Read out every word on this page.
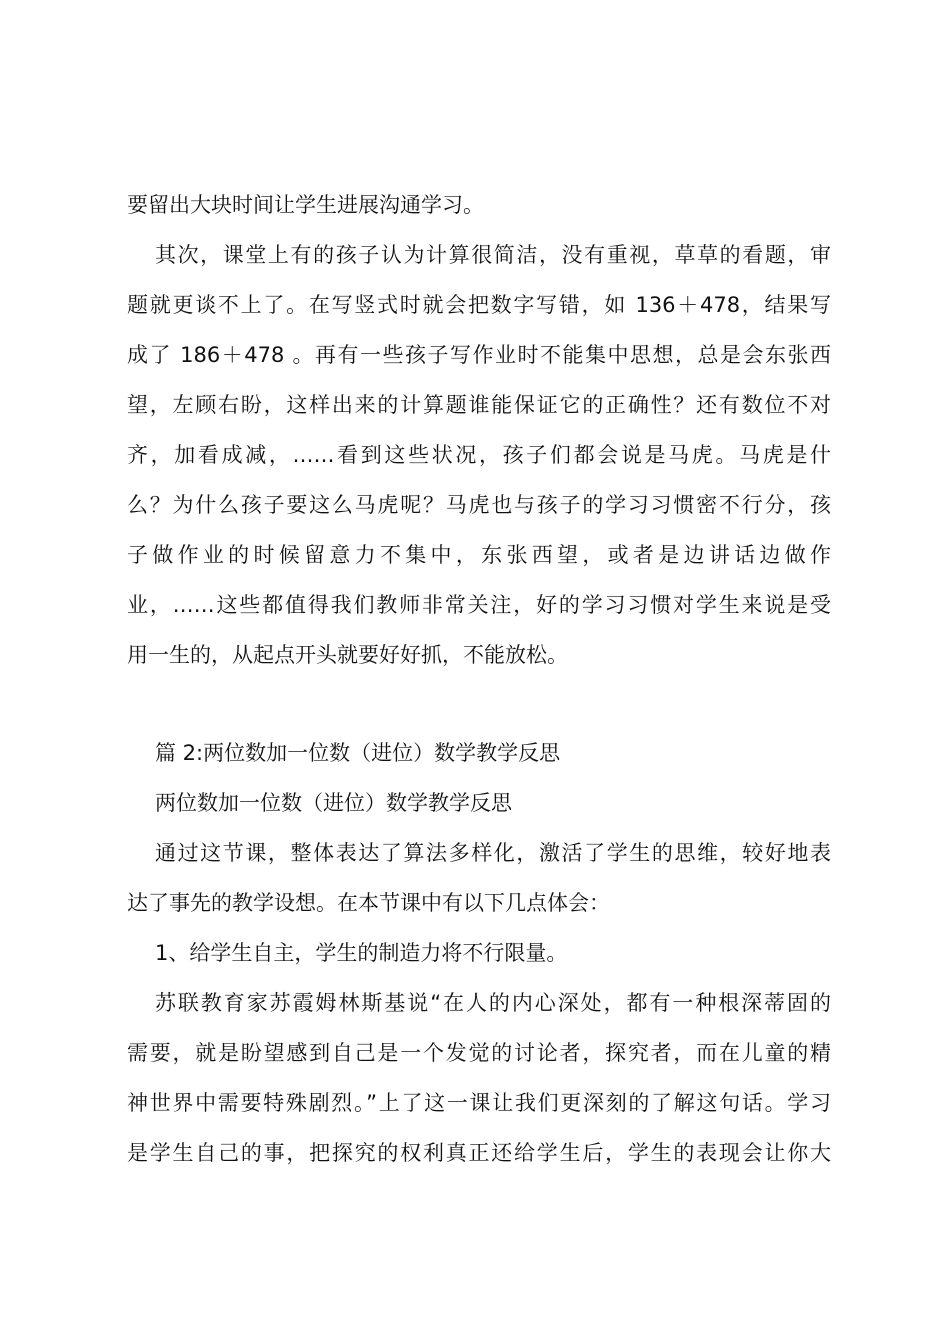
要留出大块时间让学生进展沟通学习。
其次，课堂上有的孩子认为计算很简洁，没有重视，草草的看题，审
题就更谈不上了。在写竖式时就会把数字写错，如 136＋478，结果写
成了 186＋478 。再有一些孩子写作业时不能集中思想，总是会东张西
望，左顾右盼，这样出来的计算题谁能保证它的正确性？还有数位不对
齐，加看成减，……看到这些状况，孩子们都会说是马虎。马虎是什
么？为什么孩子要这么马虎呢？马虎也与孩子的学习习惯密不行分，孩
子做作业的时候留意力不集中，东张西望，或者是边讲话边做作
业，……这些都值得我们教师非常关注，好的学习习惯对学生来说是受
用一生的，从起点开头就要好好抓，不能放松。
篇 2:两位数加一位数（进位）数学教学反思
两位数加一位数（进位）数学教学反思
通过这节课，整体表达了算法多样化，激活了学生的思维，较好地表
达了事先的教学设想。在本节课中有以下几点体会：
1、给学生自主，学生的制造力将不行限量。
苏联教育家苏霞姆林斯基说“在人的内心深处，都有一种根深蒂固的
需要，就是盼望感到自己是一个发觉的讨论者，探究者，而在儿童的精
神世界中需要特殊剧烈。”上了这一课让我们更深刻的了解这句话。学习
是学生自己的事，把探究的权利真正还给学生后，学生的表现会让你大
